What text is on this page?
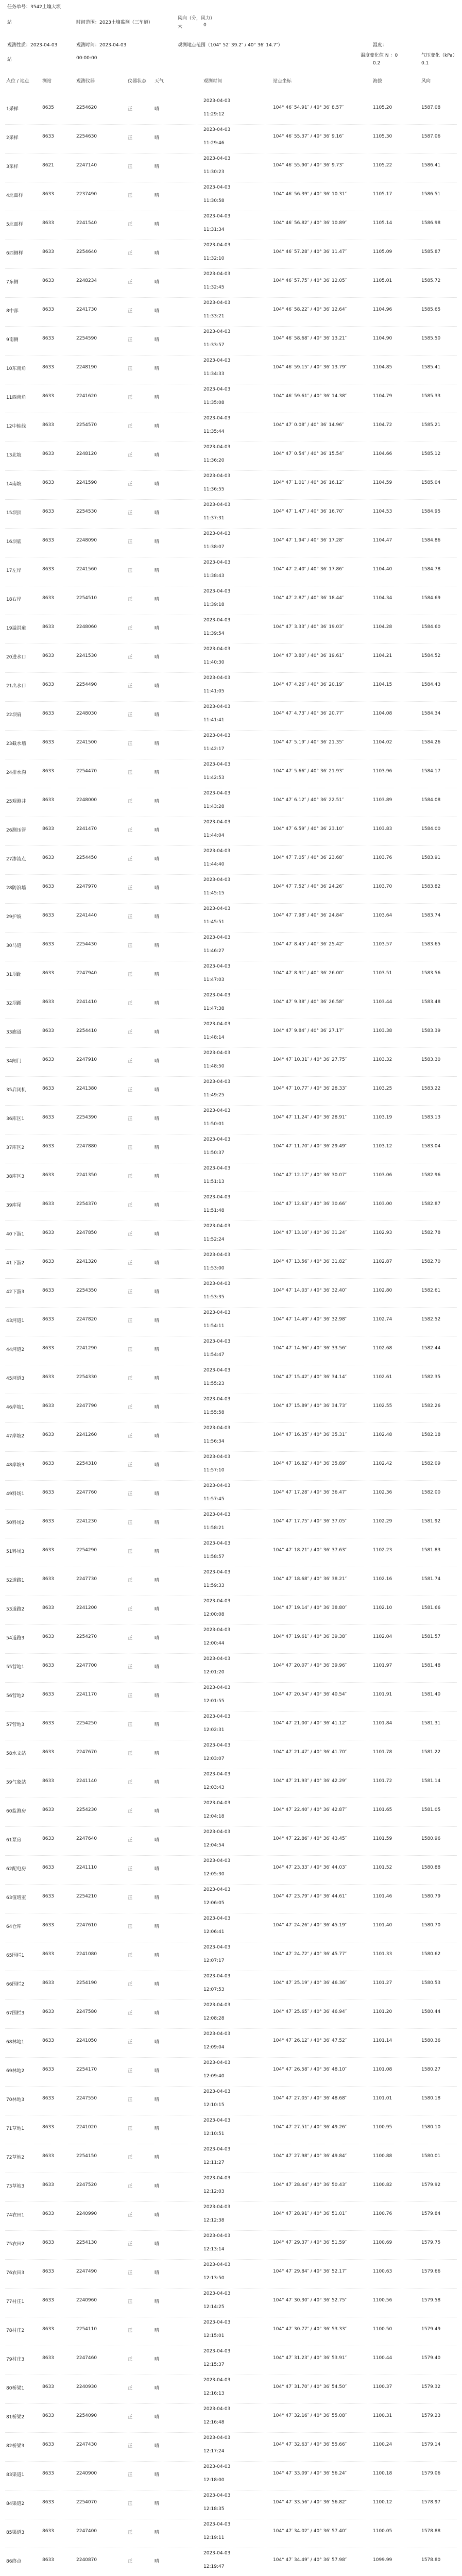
任务单号：3542土壤大坝
站	时间范围：2023土壤监测（三车道）
风向（分，风力）
大	0
观测性质：2023-04-03	观测时间：2023-04-03	观测地点范围（104° 52′ 39.2″ / 40° 36′ 14.7″）	湿度：
站	00:00:00	温度变化值 N ：0	气压变化（kPa）
0.2	0.1
点位 / 地点	测站	观测仪器	仪器状态 天气	观测时间	站点坐标	海拔	风向
1采样	8635	2254620	正	晴
2023-04-03
11:29:12
104° 46′ 54.91″ / 40° 36′ 8.57″	1105.20	1587.08
2采样	8633	2254630	正	晴
2023-04-03
11:29:46
104° 46′ 55.37″ / 40° 36′ 9.16″	1105.30	1587.06
3采样	8621	2247140	正	晴
2023-04-03
11:30:23
104° 46′ 55.90″ / 40° 36′ 9.73″	1105.22	1586.41
4北面样	8633	2237490	正	晴
2023-04-03
11:30:58
104° 46′ 56.39″ / 40° 36′ 10.31″	1105.17	1586.51
5北面样	8633	2241540	正	晴
2023-04-03
11:31:34
104° 46′ 56.82″ / 40° 36′ 10.89″	1105.14	1586.98
6西侧样	8633	2254640	正	晴
2023-04-03
11:32:10
104° 46′ 57.28″ / 40° 36′ 11.47″	1105.09	1585.87
7东侧	8633	2248234	正	晴
2023-04-03
11:32:45
104° 46′ 57.75″ / 40° 36′ 12.05″	1105.01	1585.72
8中部	8633	2241730	正	晴
2023-04-03
11:33:21
104° 46′ 58.22″ / 40° 36′ 12.64″	1104.96	1585.65
9南侧	8633	2254590	正	晴
2023-04-03
11:33:57
104° 46′ 58.68″ / 40° 36′ 13.21″	1104.90	1585.50
10东南角	8633	2248190	正	晴
2023-04-03
11:34:33
104° 46′ 59.15″ / 40° 36′ 13.79″	1104.85	1585.41
11西南角	8633	2241620	正	晴
2023-04-03
11:35:08
104° 46′ 59.61″ / 40° 36′ 14.38″	1104.79	1585.33
12中轴线	8633	2254570	正	晴
2023-04-03
11:35:44
104° 47′ 0.08″ / 40° 36′ 14.96″	1104.72	1585.21
13北坡	8633	2248120	正	晴
2023-04-03
11:36:20
104° 47′ 0.54″ / 40° 36′ 15.54″	1104.66	1585.12
14南坡	8633	2241590	正	晴
2023-04-03
11:36:55
104° 47′ 1.01″ / 40° 36′ 16.12″	1104.59	1585.04
15坝顶	8633	2254530	正	晴
2023-04-03
11:37:31
104° 47′ 1.47″ / 40° 36′ 16.70″	1104.53	1584.95
16坝底	8633	2248090	正	晴
2023-04-03
11:38:07
104° 47′ 1.94″ / 40° 36′ 17.28″	1104.47	1584.86
17左岸	8633	2241560	正	晴
2023-04-03
11:38:43
104° 47′ 2.40″ / 40° 36′ 17.86″	1104.40	1584.78
18右岸	8633	2254510	正	晴
2023-04-03
11:39:18
104° 47′ 2.87″ / 40° 36′ 18.44″	1104.34	1584.69
19溢洪道	8633	2248060	正	晴
2023-04-03
11:39:54
104° 47′ 3.33″ / 40° 36′ 19.03″	1104.28	1584.60
20进水口	8633	2241530	正	晴
2023-04-03
11:40:30
104° 47′ 3.80″ / 40° 36′ 19.61″	1104.21	1584.52
21出水口	8633	2254490	正	晴
2023-04-03
11:41:05
104° 47′ 4.26″ / 40° 36′ 20.19″	1104.15	1584.43
22坝肩	8633	2248030	正	晴
2023-04-03
11:41:41
104° 47′ 4.73″ / 40° 36′ 20.77″	1104.08	1584.34
23截水墙	8633	2241500	正	晴
2023-04-03
11:42:17
104° 47′ 5.19″ / 40° 36′ 21.35″	1104.02	1584.26
24排水沟	8633	2254470	正	晴
2023-04-03
11:42:53
104° 47′ 5.66″ / 40° 36′ 21.93″	1103.96	1584.17
25观测井	8633	2248000	正	晴
2023-04-03
11:43:28
104° 47′ 6.12″ / 40° 36′ 22.51″	1103.89	1584.08
26测压管	8633	2241470	正	晴
2023-04-03
11:44:04
104° 47′ 6.59″ / 40° 36′ 23.10″	1103.83	1584.00
27渗流点	8633	2254450	正	晴
2023-04-03
11:44:40
104° 47′ 7.05″ / 40° 36′ 23.68″	1103.76	1583.91
28防浪墙	8633	2247970	正	晴
2023-04-03
11:45:15
104° 47′ 7.52″ / 40° 36′ 24.26″	1103.70	1583.82
29护坡	8633	2241440	正	晴
2023-04-03
11:45:51
104° 47′ 7.98″ / 40° 36′ 24.84″	1103.64	1583.74
30马道	8633	2254430	正	晴
2023-04-03
11:46:27
104° 47′ 8.45″ / 40° 36′ 25.42″	1103.57	1583.65
31坝趾	8633	2247940	正	晴
2023-04-03
11:47:03
104° 47′ 8.91″ / 40° 36′ 26.00″	1103.51	1583.56
32坝踵	8633	2241410	正	晴
2023-04-03
11:47:38
104° 47′ 9.38″ / 40° 36′ 26.58″	1103.44	1583.48
33廊道	8633	2254410	正	晴
2023-04-03
11:48:14
104° 47′ 9.84″ / 40° 36′ 27.17″	1103.38	1583.39
34闸门	8633	2247910	正	晴
2023-04-03
11:48:50
104° 47′ 10.31″ / 40° 36′ 27.75″	1103.32	1583.30
35启闭机	8633	2241380	正	晴
2023-04-03
11:49:25
104° 47′ 10.77″ / 40° 36′ 28.33″	1103.25	1583.22
36库区1	8633	2254390	正	晴
2023-04-03
11:50:01
104° 47′ 11.24″ / 40° 36′ 28.91″	1103.19	1583.13
37库区2	8633	2247880	正	晴
2023-04-03
11:50:37
104° 47′ 11.70″ / 40° 36′ 29.49″	1103.12	1583.04
38库区3	8633	2241350	正	晴
2023-04-03
11:51:13
104° 47′ 12.17″ / 40° 36′ 30.07″	1103.06	1582.96
39库尾	8633	2254370	正	晴
2023-04-03
11:51:48
104° 47′ 12.63″ / 40° 36′ 30.66″	1103.00	1582.87
40下游1	8633	2247850	正	晴
2023-04-03
11:52:24
104° 47′ 13.10″ / 40° 36′ 31.24″	1102.93	1582.78
41下游2	8633	2241320	正	晴
2023-04-03
11:53:00
104° 47′ 13.56″ / 40° 36′ 31.82″	1102.87	1582.70
42下游3	8633	2254350	正	晴
2023-04-03
11:53:35
104° 47′ 14.03″ / 40° 36′ 32.40″	1102.80	1582.61
43河道1	8633	2247820	正	晴
2023-04-03
11:54:11
104° 47′ 14.49″ / 40° 36′ 32.98″	1102.74	1582.52
44河道2	8633	2241290	正	晴
2023-04-03
11:54:47
104° 47′ 14.96″ / 40° 36′ 33.56″	1102.68	1582.44
45河道3	8633	2254330	正	晴
2023-04-03
11:55:23
104° 47′ 15.42″ / 40° 36′ 34.14″	1102.61	1582.35
46岸坡1	8633	2247790	正	晴
2023-04-03
11:55:58
104° 47′ 15.89″ / 40° 36′ 34.73″	1102.55	1582.26
47岸坡2	8633	2241260	正	晴
2023-04-03
11:56:34
104° 47′ 16.35″ / 40° 36′ 35.31″	1102.48	1582.18
48岸坡3	8633	2254310	正	晴
2023-04-03
11:57:10
104° 47′ 16.82″ / 40° 36′ 35.89″	1102.42	1582.09
49料场1	8633	2247760	正	晴
2023-04-03
11:57:45
104° 47′ 17.28″ / 40° 36′ 36.47″	1102.36	1582.00
50料场2	8633	2241230	正	晴
2023-04-03
11:58:21
104° 47′ 17.75″ / 40° 36′ 37.05″	1102.29	1581.92
51料场3	8633	2254290	正	晴
2023-04-03
11:58:57
104° 47′ 18.21″ / 40° 36′ 37.63″	1102.23	1581.83
52道路1	8633	2247730	正	晴
2023-04-03
11:59:33
104° 47′ 18.68″ / 40° 36′ 38.21″	1102.16	1581.74
53道路2	8633	2241200	正	晴
2023-04-03
12:00:08
104° 47′ 19.14″ / 40° 36′ 38.80″	1102.10	1581.66
54道路3	8633	2254270	正	晴
2023-04-03
12:00:44
104° 47′ 19.61″ / 40° 36′ 39.38″	1102.04	1581.57
55营地1	8633	2247700	正	晴
2023-04-03
12:01:20
104° 47′ 20.07″ / 40° 36′ 39.96″	1101.97	1581.48
56营地2	8633	2241170	正	晴
2023-04-03
12:01:55
104° 47′ 20.54″ / 40° 36′ 40.54″	1101.91	1581.40
57营地3	8633	2254250	正	晴
2023-04-03
12:02:31
104° 47′ 21.00″ / 40° 36′ 41.12″	1101.84	1581.31
58水文站	8633	2247670	正	晴
2023-04-03
12:03:07
104° 47′ 21.47″ / 40° 36′ 41.70″	1101.78	1581.22
59气象站	8633	2241140	正	晴
2023-04-03
12:03:43
104° 47′ 21.93″ / 40° 36′ 42.29″	1101.72	1581.14
60监测房	8633	2254230	正	晴
2023-04-03
12:04:18
104° 47′ 22.40″ / 40° 36′ 42.87″	1101.65	1581.05
61泵房	8633	2247640	正	晴
2023-04-03
12:04:54
104° 47′ 22.86″ / 40° 36′ 43.45″	1101.59	1580.96
62配电房	8633	2241110	正	晴
2023-04-03
12:05:30
104° 47′ 23.33″ / 40° 36′ 44.03″	1101.52	1580.88
63值班室	8633	2254210	正	晴
2023-04-03
12:06:05
104° 47′ 23.79″ / 40° 36′ 44.61″	1101.46	1580.79
64仓库	8633	2247610	正	晴
2023-04-03
12:06:41
104° 47′ 24.26″ / 40° 36′ 45.19″	1101.40	1580.70
65围栏1	8633	2241080	正	晴
2023-04-03
12:07:17
104° 47′ 24.72″ / 40° 36′ 45.77″	1101.33	1580.62
66围栏2	8633	2254190	正	晴
2023-04-03
12:07:53
104° 47′ 25.19″ / 40° 36′ 46.36″	1101.27	1580.53
67围栏3	8633	2247580	正	晴
2023-04-03
12:08:28
104° 47′ 25.65″ / 40° 36′ 46.94″	1101.20	1580.44
68林地1	8633	2241050	正	晴
2023-04-03
12:09:04
104° 47′ 26.12″ / 40° 36′ 47.52″	1101.14	1580.36
69林地2	8633	2254170	正	晴
2023-04-03
12:09:40
104° 47′ 26.58″ / 40° 36′ 48.10″	1101.08	1580.27
70林地3	8633	2247550	正	晴
2023-04-03
12:10:15
104° 47′ 27.05″ / 40° 36′ 48.68″	1101.01	1580.18
71草地1	8633	2241020	正	晴
2023-04-03
12:10:51
104° 47′ 27.51″ / 40° 36′ 49.26″	1100.95	1580.10
72草地2	8633	2254150	正	晴
2023-04-03
12:11:27
104° 47′ 27.98″ / 40° 36′ 49.84″	1100.88	1580.01
73草地3	8633	2247520	正	晴
2023-04-03
12:12:03
104° 47′ 28.44″ / 40° 36′ 50.43″	1100.82	1579.92
74农田1	8633	2240990	正	晴
2023-04-03
12:12:38
104° 47′ 28.91″ / 40° 36′ 51.01″	1100.76	1579.84
75农田2	8633	2254130	正	晴
2023-04-03
12:13:14
104° 47′ 29.37″ / 40° 36′ 51.59″	1100.69	1579.75
76农田3	8633	2247490	正	晴
2023-04-03
12:13:50
104° 47′ 29.84″ / 40° 36′ 52.17″	1100.63	1579.66
77村庄1	8633	2240960	正	晴
2023-04-03
12:14:25
104° 47′ 30.30″ / 40° 36′ 52.75″	1100.56	1579.58
78村庄2	8633	2254110	正	晴
2023-04-03
12:15:01
104° 47′ 30.77″ / 40° 36′ 53.33″	1100.50	1579.49
79村庄3	8633	2247460	正	晴
2023-04-03
12:15:37
104° 47′ 31.23″ / 40° 36′ 53.91″	1100.44	1579.40
80桥梁1	8633	2240930	正	晴
2023-04-03
12:16:13
104° 47′ 31.70″ / 40° 36′ 54.50″	1100.37	1579.32
81桥梁2	8633	2254090	正	晴
2023-04-03
12:16:48
104° 47′ 32.16″ / 40° 36′ 55.08″	1100.31	1579.23
82桥梁3	8633	2247430	正	晴
2023-04-03
12:17:24
104° 47′ 32.63″ / 40° 36′ 55.66″	1100.24	1579.14
83渠道1	8633	2240900	正	晴
2023-04-03
12:18:00
104° 47′ 33.09″ / 40° 36′ 56.24″	1100.18	1579.06
84渠道2	8633	2254070	正	晴
2023-04-03
12:18:35
104° 47′ 33.56″ / 40° 36′ 56.82″	1100.12	1578.97
85渠道3	8633	2247400	正	晴
2023-04-03
12:19:11
104° 47′ 34.02″ / 40° 36′ 57.40″	1100.05	1578.88
86终点	8633	2240870	正	晴
2023-04-03
12:19:47
104° 47′ 34.49″ / 40° 36′ 57.98″	1099.99	1578.80
